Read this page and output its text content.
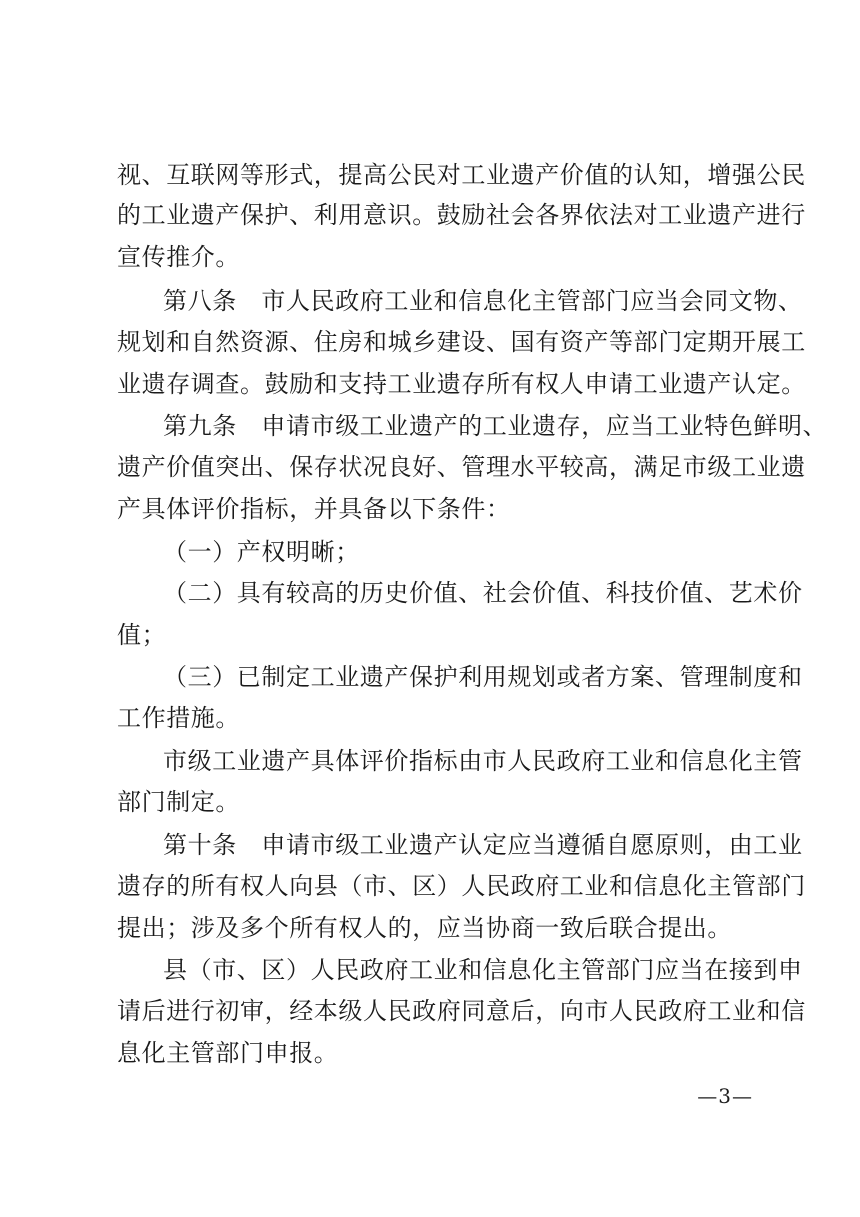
视、互联网等形式，提高公民对工业遗产价值的认知，增强公民
的工业遗产保护、利用意识。鼓励社会各界依法对工业遗产进行
宣传推介。
第八条　市人民政府工业和信息化主管部门应当会同文物、
规划和自然资源、住房和城乡建设、国有资产等部门定期开展工
业遗存调查。鼓励和支持工业遗存所有权人申请工业遗产认定。
第九条　申请市级工业遗产的工业遗存，应当工业特色鲜明、
遗产价值突出、保存状况良好、管理水平较高，满足市级工业遗
产具体评价指标，并具备以下条件：
（一）产权明晰；
（二）具有较高的历史价值、社会价值、科技价值、艺术价
值；
（三）已制定工业遗产保护利用规划或者方案、管理制度和
工作措施。
市级工业遗产具体评价指标由市人民政府工业和信息化主管
部门制定。
第十条　申请市级工业遗产认定应当遵循自愿原则，由工业
遗存的所有权人向县（市、区）人民政府工业和信息化主管部门
提出；涉及多个所有权人的，应当协商一致后联合提出。
县（市、区）人民政府工业和信息化主管部门应当在接到申
请后进行初审，经本级人民政府同意后，向市人民政府工业和信
息化主管部门申报。
—3—
